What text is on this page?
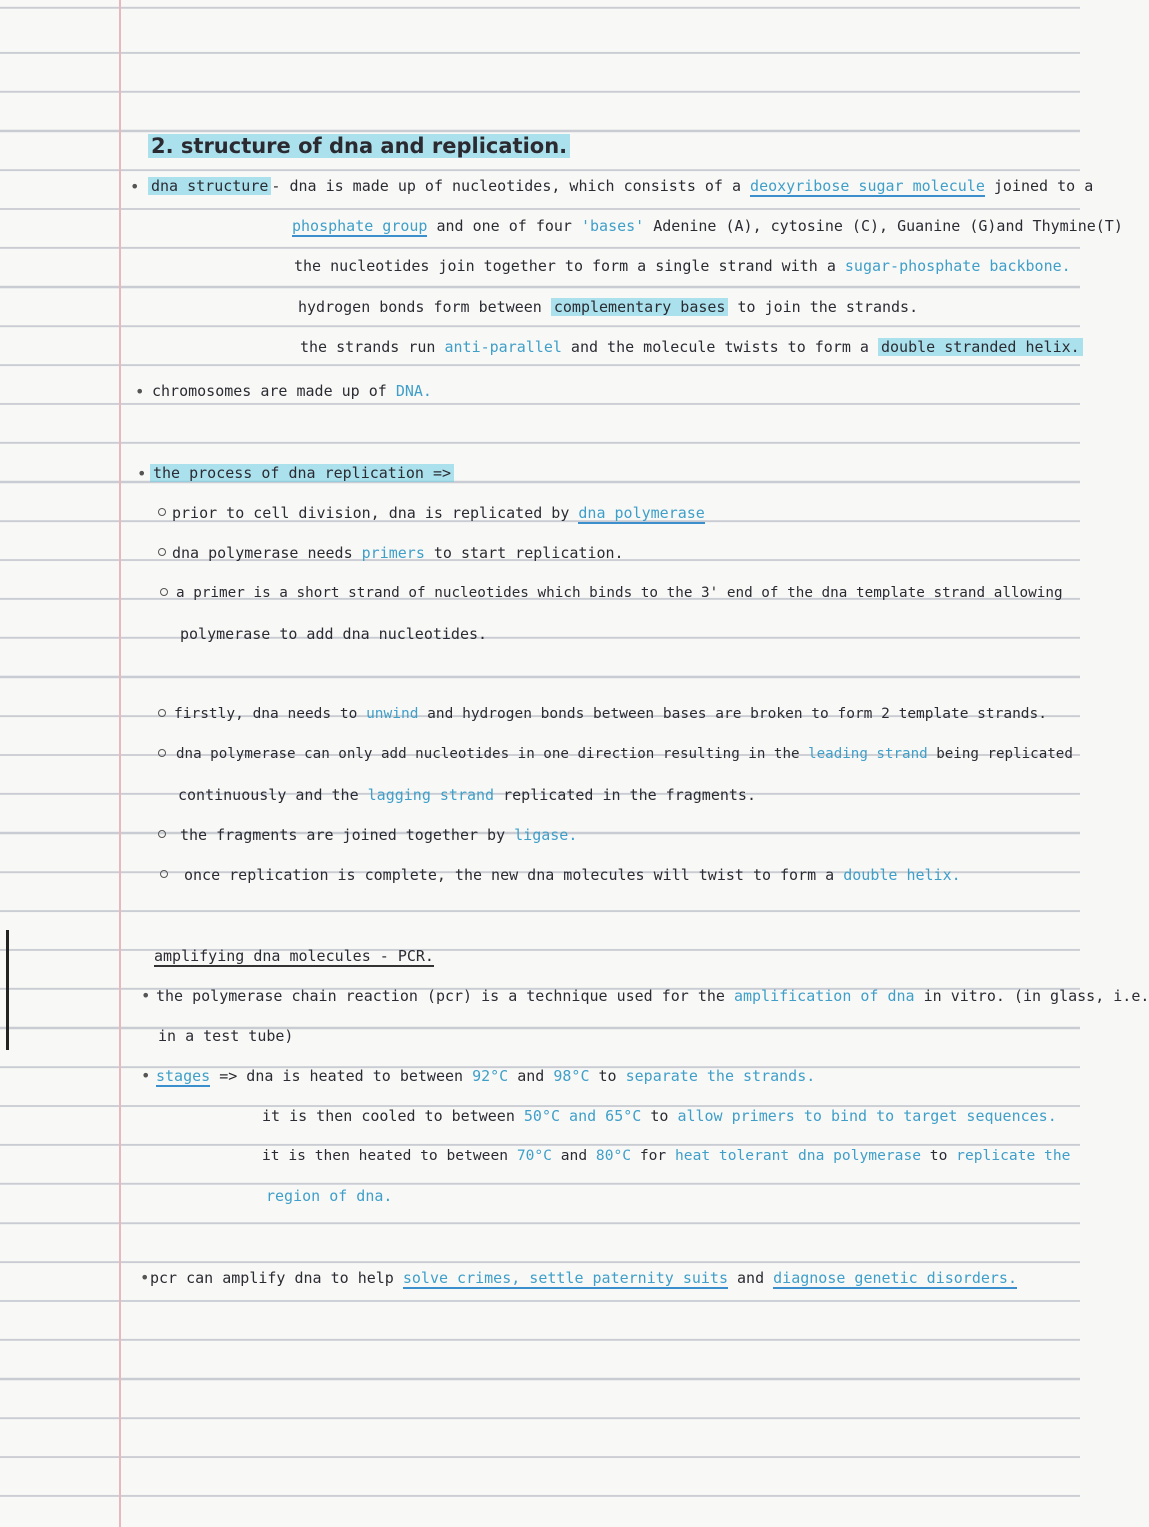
2. structure of dna and replication.

• dna structure - dna is made up of nucleotides, which consists of a deoxyribose sugar molecule joined to a

phosphate group and one of four 'bases' Adenine (A), cytosine (C), Guanine (G)and Thymine(T)

the nucleotides join together to form a single strand with a sugar-phosphate backbone.

hydrogen bonds form between complementary bases to join the strands.

the strands run anti-parallel and the molecule twists to form a double stranded helix.

• chromosomes are made up of DNA.

• the process of dna replication =>

prior to cell division, dna is replicated by dna polymerase

dna polymerase needs primers to start replication.

a primer is a short strand of nucleotides which binds to the 3' end of the dna template strand allowing

polymerase to add dna nucleotides.

firstly, dna needs to unwind and hydrogen bonds between bases are broken to form 2 template strands.

dna polymerase can only add nucleotides in one direction resulting in the leading strand being replicated

continuously and the lagging strand replicated in the fragments.

the fragments are joined together by ligase.

once replication is complete, the new dna molecules will twist to form a double helix.

amplifying dna molecules - PCR.

• the polymerase chain reaction (pcr) is a technique used for the amplification of dna in vitro. (in glass, i.e.

in a test tube)

• stages => dna is heated to between 92°C and 98°C to separate the strands.

it is then cooled to between 50°C and 65°C to allow primers to bind to target sequences.

it is then heated to between 70°C and 80°C for heat tolerant dna polymerase to replicate the

region of dna.

• pcr can amplify dna to help solve crimes, settle paternity suits and diagnose genetic disorders.
